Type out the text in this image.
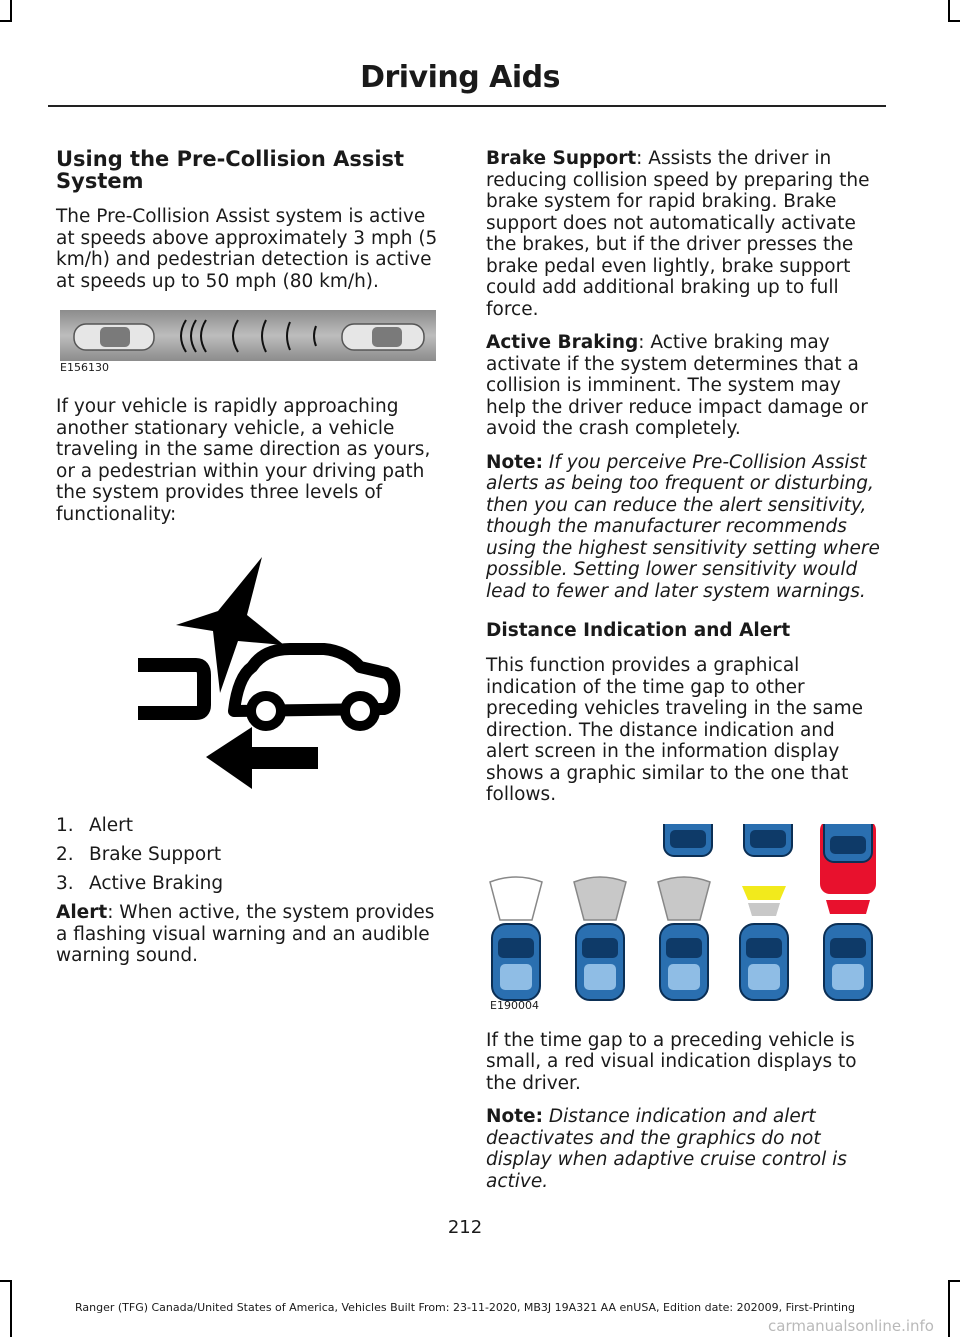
Driving Aids
Using the Pre-Collision Assist System

The Pre-Collision Assist system is active at speeds above approximately 3 mph (5 km/h) and pedestrian detection is active at speeds up to 50 mph (80 km/h).

E156130

If your vehicle is rapidly approaching another stationary vehicle, a vehicle traveling in the same direction as yours, or a pedestrian within your driving path the system provides three levels of functionality:

1. Alert
2. Brake Support
3. Active Braking

Alert: When active, the system provides a flashing visual warning and an audible warning sound.

Brake Support: Assists the driver in reducing collision speed by preparing the brake system for rapid braking. Brake support does not automatically activate the brakes, but if the driver presses the brake pedal even lightly, brake support could add additional braking up to full force.

Active Braking: Active braking may activate if the system determines that a collision is imminent. The system may help the driver reduce impact damage or avoid the crash completely.

Note: If you perceive Pre-Collision Assist alerts as being too frequent or disturbing, then you can reduce the alert sensitivity, though the manufacturer recommends using the highest sensitivity setting where possible. Setting lower sensitivity would lead to fewer and later system warnings.

Distance Indication and Alert

This function provides a graphical indication of the time gap to other preceding vehicles traveling in the same direction. The distance indication and alert screen in the information display shows a graphic similar to the one that follows.

E190004

If the time gap to a preceding vehicle is small, a red visual indication displays to the driver.

Note: Distance indication and alert deactivates and the graphics do not display when adaptive cruise control is active.

212
Ranger (TFG) Canada/United States of America, Vehicles Built From: 23-11-2020, MB3J 19A321 AA enUSA, Edition date: 202009, First-Printing
carmanualsonline.info
